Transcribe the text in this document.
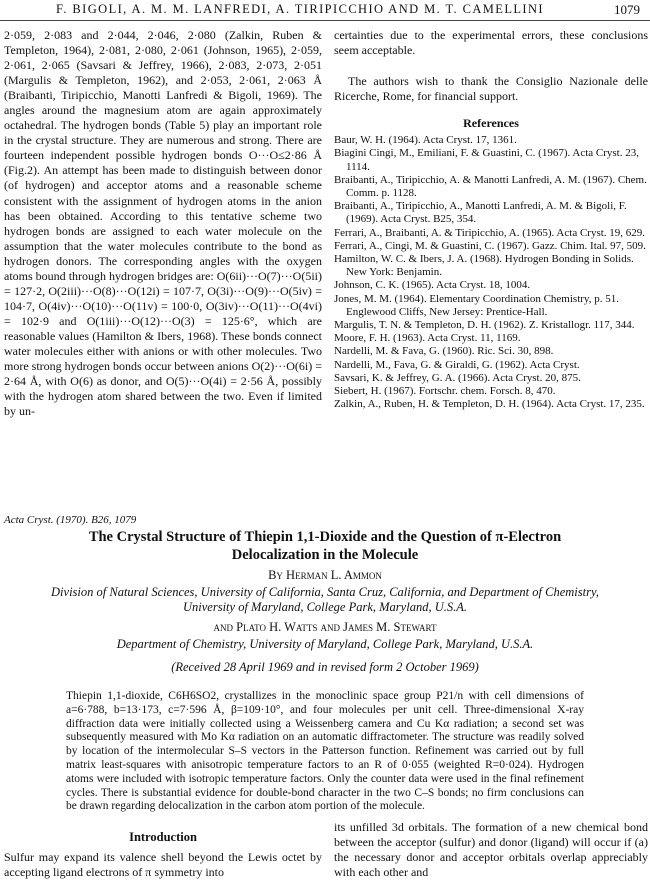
F. BIGOLI, A. M. M. LANFREDI, A. TIRIPICCHIO AND M. T. CAMELLINI	1079

2·059, 2·083 and 2·044, 2·046, 2·080 (Zalkin, Ruben & Templeton, 1964), 2·081, 2·080, 2·061 (Johnson, 1965), 2·059, 2·061, 2·065 (Savsari & Jeffrey, 1966), 2·083, 2·073, 2·051 (Margulis & Templeton, 1962), and 2·053, 2·061, 2·063 Å (Braibanti, Tiripicchio, Manotti Lanfredi & Bigoli, 1969). The angles around the magnesium atom are again approximately octahedral. The hydrogen bonds (Table 5) play an important role in the crystal structure. They are numerous and strong. There are fourteen independent possible hydrogen bonds O···O≤2·86 Å (Fig.2). An attempt has been made to distinguish between donor (of hydrogen) and acceptor atoms and a reasonable scheme consistent with the assignment of hydrogen atoms in the anion has been obtained. According to this tentative scheme two hydrogen bonds are assigned to each water molecule on the assumption that the water molecules contribute to the bond as hydrogen donors. The corresponding angles with the oxygen atoms bound through hydrogen bridges are: O(6ii)···O(7)···O(5ii) = 127·2, O(2iii)···O(8)···O(12i) = 107·7, O(3i)···O(9)···O(5iv) = 104·7, O(4iv)···O(10)···O(11v) = 100·0, O(3iv)···O(11)···O(4vi) = 102·9 and O(1iii)···O(12)···O(3) = 125·6°, which are reasonable values (Hamilton & Ibers, 1968). These bonds connect water molecules either with anions or with other molecules. Two more strong hydrogen bonds occur between anions O(2)···O(6i) = 2·64 Å, with O(6) as donor, and O(5)···O(4i) = 2·56 Å, possibly with the hydrogen atom shared between the two. Even if limited by un-

certainties due to the experimental errors, these conclusions seem acceptable.

The authors wish to thank the Consiglio Nazionale delle Ricerche, Rome, for financial support.

References
Baur, W. H. (1964). Acta Cryst. 17, 1361.
Biagini Cingi, M., Emiliani, F. & Guastini, C. (1967). Acta Cryst. 23, 1114.
Braibanti, A., Tiripicchio, A. & Manotti Lanfredi, A. M. (1967). Chem. Comm. p. 1128.
Braibanti, A., Tiripicchio, A., Manotti Lanfredi, A. M. & Bigoli, F. (1969). Acta Cryst. B25, 354.
Ferrari, A., Braibanti, A. & Tiripicchio, A. (1965). Acta Cryst. 19, 629.
Ferrari, A., Cingi, M. & Guastini, C. (1967). Gazz. Chim. Ital. 97, 509.
Hamilton, W. C. & Ibers, J. A. (1968). Hydrogen Bonding in Solids. New York: Benjamin.
Johnson, C. K. (1965). Acta Cryst. 18, 1004.
Jones, M. M. (1964). Elementary Coordination Chemistry, p. 51. Englewood Cliffs, New Jersey: Prentice-Hall.
Margulis, T. N. & Templeton, D. H. (1962). Z. Kristallogr. 117, 344.
Moore, F. H. (1963). Acta Cryst. 11, 1169.
Nardelli, M. & Fava, G. (1960). Ric. Sci. 30, 898.
Nardelli, M., Fava, G. & Giraldi, G. (1962). Acta Cryst.
Savsari, K. & Jeffrey, G. A. (1966). Acta Cryst. 20, 875.
Siebert, H. (1967). Fortschr. chem. Forsch. 8, 470.
Zalkin, A., Ruben, H. & Templeton, D. H. (1964). Acta Cryst. 17, 235.
Acta Cryst. (1970). B26, 1079
The Crystal Structure of Thiepin 1,1-Dioxide and the Question of π-Electron
Delocalization in the Molecule
By Herman L. Ammon
Division of Natural Sciences, University of California, Santa Cruz, California, and Department of Chemistry,
University of Maryland, College Park, Maryland, U.S.A.
and Plato H. Watts and James M. Stewart
Department of Chemistry, University of Maryland, College Park, Maryland, U.S.A.
(Received 28 April 1969 and in revised form 2 October 1969)
Thiepin 1,1-dioxide, C6H6SO2, crystallizes in the monoclinic space group P21/n with cell dimensions of a=6·788, b=13·173, c=7·596 Å, β=109·10°, and four molecules per unit cell. Three-dimensional X-ray diffraction data were initially collected using a Weissenberg camera and Cu Kα radiation; a second set was subsequently measured with Mo Kα radiation on an automatic diffractometer. The structure was readily solved by location of the intermolecular S–S vectors in the Patterson function. Refinement was carried out by full matrix least-squares with anisotropic temperature factors to an R of 0·055 (weighted R=0·024). Hydrogen atoms were included with isotropic temperature factors. Only the counter data were used in the final refinement cycles. There is substantial evidence for double-bond character in the two C–S bonds; no firm conclusions can be drawn regarding delocalization in the carbon atom portion of the molecule.
Introduction
Sulfur may expand its valence shell beyond the Lewis octet by accepting ligand electrons of π symmetry into
its unfilled 3d orbitals. The formation of a new chemical bond between the acceptor (sulfur) and donor (ligand) will occur if (a) the necessary donor and acceptor orbitals overlap appreciably with each other and
